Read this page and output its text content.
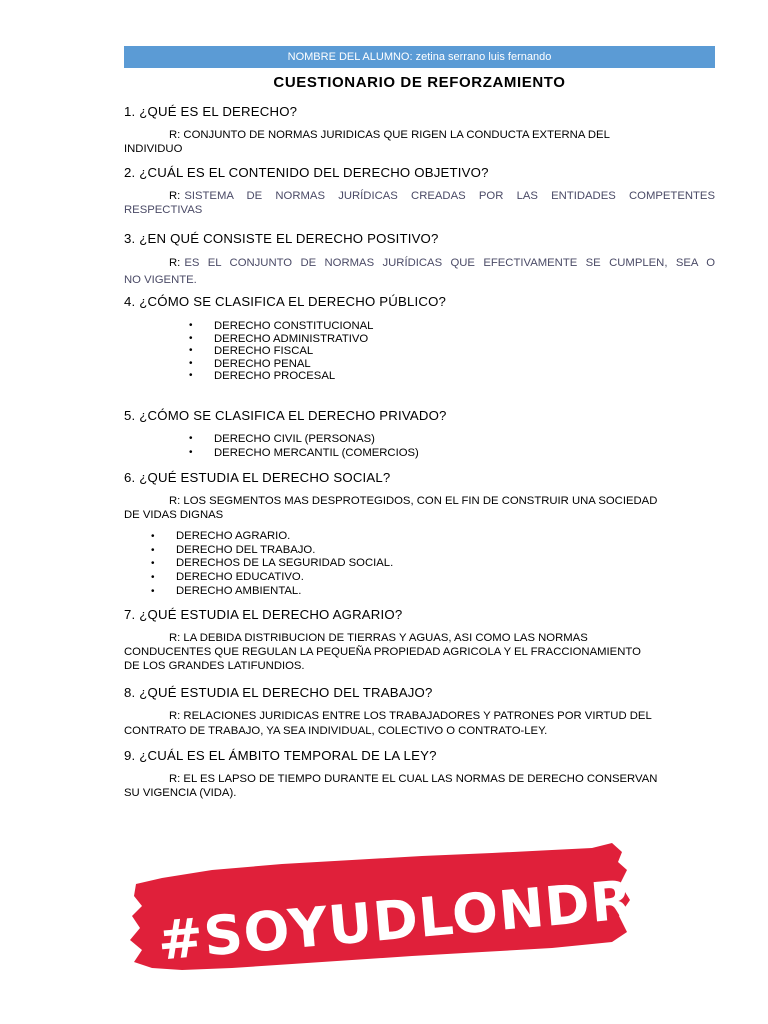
NOMBRE DEL ALUMNO: zetina serrano luis fernando
CUESTIONARIO DE REFORZAMIENTO
1. ¿QUÉ ES EL DERECHO?
R: CONJUNTO DE NORMAS JURIDICAS QUE RIGEN LA CONDUCTA EXTERNA DEL
INDIVIDUO
2. ¿CUÁL ES EL CONTENIDO DEL DERECHO OBJETIVO?
R: SISTEMA DE NORMAS JURÍDICAS CREADAS POR LAS ENTIDADES COMPETENTES
RESPECTIVAS
3. ¿EN QUÉ CONSISTE EL DERECHO POSITIVO?
R: ES EL CONJUNTO DE NORMAS JURÍDICAS QUE EFECTIVAMENTE SE CUMPLEN, SEA O
NO VIGENTE.
4. ¿CÓMO SE CLASIFICA EL DERECHO PÚBLICO?
• DERECHO CONSTITUCIONAL
• DERECHO ADMINISTRATIVO
• DERECHO FISCAL
• DERECHO PENAL
• DERECHO PROCESAL
5. ¿CÓMO SE CLASIFICA EL DERECHO PRIVADO?
• DERECHO CIVIL (PERSONAS)
• DERECHO MERCANTIL (COMERCIOS)
6. ¿QUÉ ESTUDIA EL DERECHO SOCIAL?
R: LOS SEGMENTOS MAS DESPROTEGIDOS, CON EL FIN DE CONSTRUIR UNA SOCIEDAD
DE VIDAS DIGNAS
• DERECHO AGRARIO.
• DERECHO DEL TRABAJO.
• DERECHOS DE LA SEGURIDAD SOCIAL.
• DERECHO EDUCATIVO.
• DERECHO AMBIENTAL.
7. ¿QUÉ ESTUDIA EL DERECHO AGRARIO?
R: LA DEBIDA DISTRIBUCION DE TIERRAS Y AGUAS, ASI COMO LAS NORMAS
CONDUCENTES QUE REGULAN LA PEQUEÑA PROPIEDAD AGRICOLA Y EL FRACCIONAMIENTO
DE LOS GRANDES LATIFUNDIOS.
8. ¿QUÉ ESTUDIA EL DERECHO DEL TRABAJO?
R: RELACIONES JURIDICAS ENTRE LOS TRABAJADORES Y PATRONES POR VIRTUD DEL
CONTRATO DE TRABAJO, YA SEA INDIVIDUAL, COLECTIVO O CONTRATO-LEY.
9. ¿CUÁL ES EL ÁMBITO TEMPORAL DE LA LEY?
R: EL ES LAPSO DE TIEMPO DURANTE EL CUAL LAS NORMAS DE DERECHO CONSERVAN
SU VIGENCIA (VIDA).
#SOYUDLONDRES
